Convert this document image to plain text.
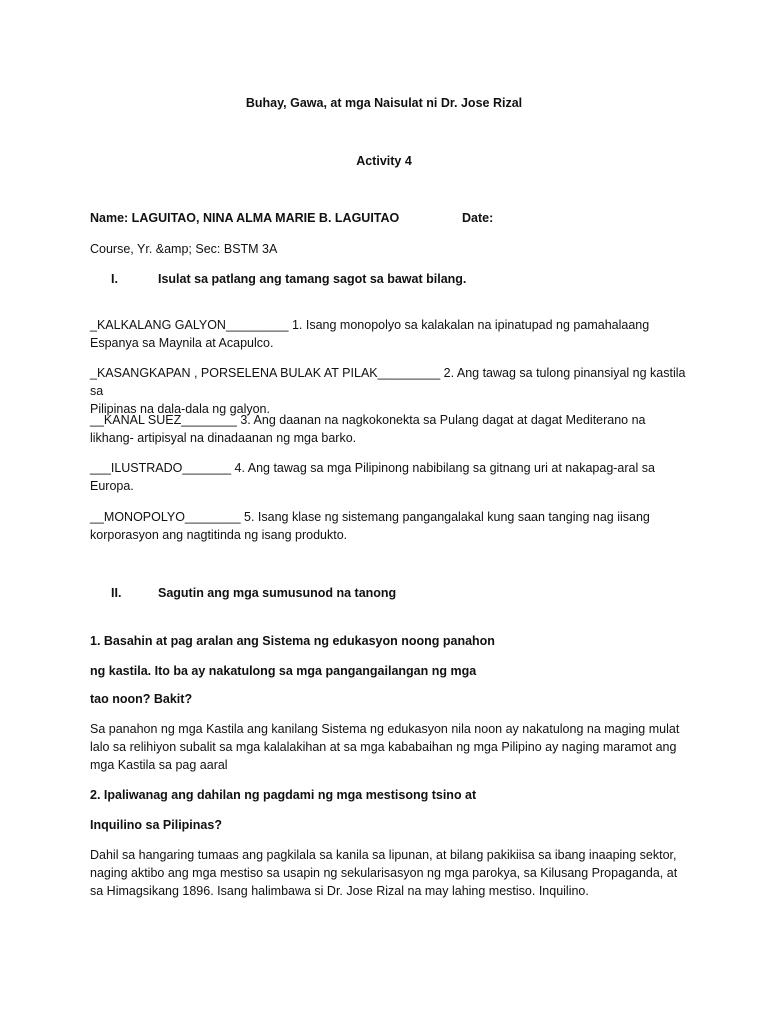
Buhay, Gawa, at mga Naisulat ni Dr. Jose Rizal
Activity 4
Name: LAGUITAO, NINA ALMA MARIE B. LAGUITAO	Date:
Course, Yr. &amp; Sec: BSTM 3A
I.	Isulat sa patlang ang tamang sagot sa bawat bilang.
_KALKALANG GALYON_________ 1. Isang monopolyo sa kalakalan na ipinatupad ng pamahalaang
Espanya sa Maynila at Acapulco.
_KASANGKAPAN , PORSELENA BULAK AT PILAK_________ 2. Ang tawag sa tulong pinansiyal ng kastila sa
Pilipinas na dala-dala ng galyon.
__KANAL SUEZ________ 3. Ang daanan na nagkokonekta sa Pulang dagat at dagat Mediterano na
likhang- artipisyal na dinadaanan ng mga barko.
___ILUSTRADO_______ 4. Ang tawag sa mga Pilipinong nabibilang sa gitnang uri at nakapag-aral sa
Europa.
__MONOPOLYO________ 5. Isang klase ng sistemang pangangalakal kung saan tanging nag iisang
korporasyon ang nagtitinda ng isang produkto.
II.	Sagutin ang mga sumusunod na tanong
1. Basahin at pag aralan ang Sistema ng edukasyon noong panahon
ng kastila. Ito ba ay nakatulong sa mga pangangailangan ng mga
tao noon? Bakit?
Sa panahon ng mga Kastila ang kanilang Sistema ng edukasyon nila noon ay nakatulong na maging mulat
lalo sa relihiyon subalit sa mga kalalakihan at sa mga kababaihan ng mga Pilipino ay naging maramot ang
mga Kastila sa pag aaral
2. Ipaliwanag ang dahilan ng pagdami ng mga mestisong tsino at
Inquilino sa Pilipinas?
Dahil sa hangaring tumaas ang pagkilala sa kanila sa lipunan, at bilang pakikiisa sa ibang inaaping sektor,
naging aktibo ang mga mestiso sa usapin ng sekularisasyon ng mga parokya, sa Kilusang Propaganda, at
sa Himagsikang 1896. Isang halimbawa si Dr. Jose Rizal na may lahing mestiso. Inquilino.
